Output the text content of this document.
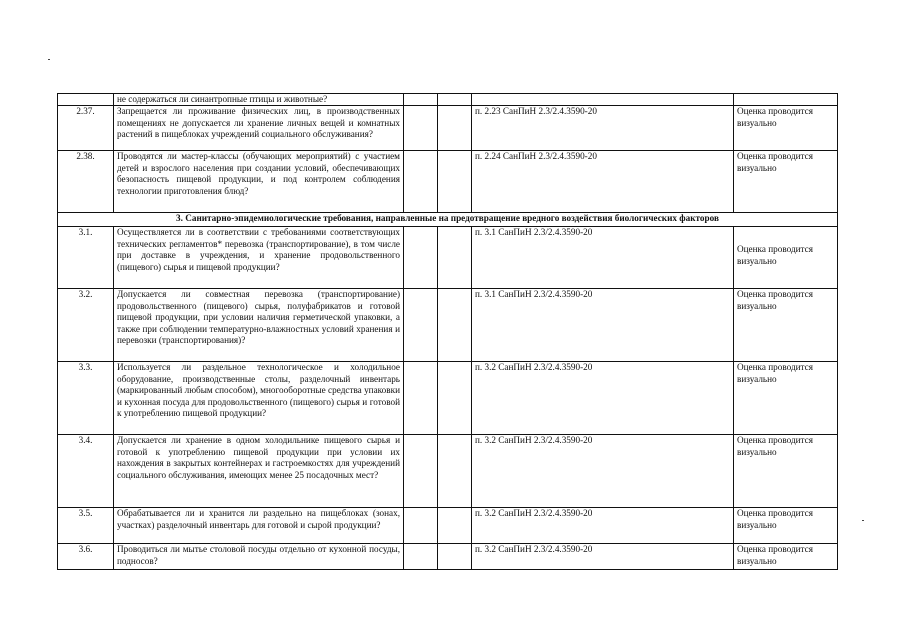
	не содержаться ли синантропные птицы и животные?				
2.37.	Запрещается ли проживание физических лиц, в производственных помещениях не допускается ли хранение личных вещей и комнатных растений в пищеблоках учреждений социального обслуживания?			п. 2.23 СанПиН 2.3/2.4.3590-20	Оценка проводится визуально
2.38.	Проводятся ли мастер-классы (обучающих мероприятий) с участием детей и взрослого населения при создании условий, обеспечивающих безопасность пищевой продукции, и под контролем соблюдения технологии приготовления блюд?			п. 2.24 СанПиН 2.3/2.4.3590-20	Оценка проводится визуально
3. Санитарно-эпидемиологические требования, направленные на предотвращение вредного воздействия биологических факторов					
3.1.	Осуществляется ли в соответствии с требованиями соответствующих технических регламентов* перевозка (транспортирование), в том числе при доставке в учреждения, и хранение продовольственного (пищевого) сырья и пищевой продукции?			п. 3.1 СанПиН 2.3/2.4.3590-20	Оценка проводится визуально

3.2.	Допускается ли совместная перевозка (транспортирование) продовольственного (пищевого) сырья, полуфабрикатов и готовой пищевой продукции, при условии наличия герметической упаковки, а также при соблюдении температурно-влажностных условий хранения и перевозки (транспортирования)?			п. 3.1 СанПиН 2.3/2.4.3590-20	Оценка проводится визуально
3.3.	Используется ли раздельное технологическое и холодильное оборудование, производственные столы, разделочный инвентарь (маркированный любым способом), многооборотные средства упаковки и кухонная посуда для продовольственного (пищевого) сырья и готовой к употреблению пищевой продукции?			п. 3.2 СанПиН 2.3/2.4.3590-20	Оценка проводится визуально
3.4.	Допускается ли хранение в одном холодильнике пищевого сырья и готовой к употреблению пищевой продукции при условии их нахождения в закрытых контейнерах и гастроемкостях для учреждений социального обслуживания, имеющих менее 25 посадочных мест?			п. 3.2 СанПиН 2.3/2.4.3590-20	Оценка проводится визуально
3.5.	Обрабатывается ли и хранится ли раздельно на пищеблоках (зонах, участках) разделочный инвентарь для готовой и сырой продукции?			п. 3.2 СанПиН 2.3/2.4.3590-20	Оценка проводится визуально
3.6.	Проводиться ли мытье столовой посуды отдельно от кухонной посуды, подносов?			п. 3.2 СанПиН 2.3/2.4.3590-20	Оценка проводится визуально
